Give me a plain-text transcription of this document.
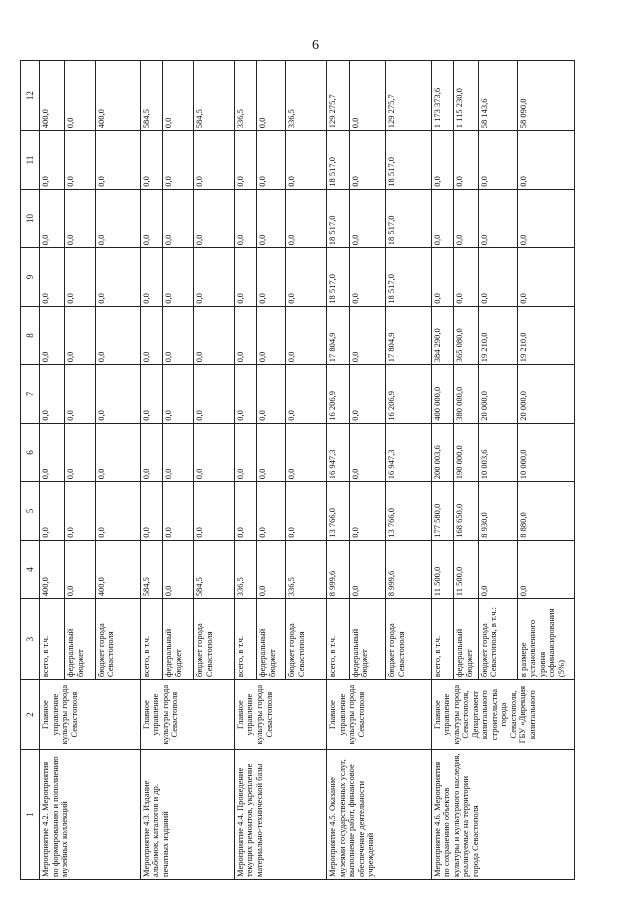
6
1	2	3	4	5	6	7	8	9	10	11	12
Мероприятие 4.2. Мероприятия по формированию и пополнению музейных коллекций	Главное управление культуры города Севастополя	всего, в т.ч.	400,0	0,0	0,0	0,0	0,0	0,0	0,0	0,0	400,0
		федеральный бюджет	0,0	0,0	0,0	0,0	0,0	0,0	0,0	0,0	0,0
		бюджет города Севастополя	400,0	0,0	0,0	0,0	0,0	0,0	0,0	0,0	400,0
Мероприятие 4.3. Издание альбомов, каталогов и др. печатных изданий	Главное управление культуры города Севастополя	всего, в т.ч.	584,5	0,0	0,0	0,0	0,0	0,0	0,0	0,0	584,5
		федеральный бюджет	0,0	0,0	0,0	0,0	0,0	0,0	0,0	0,0	0,0
		бюджет города Севастополя	584,5	0,0	0,0	0,0	0,0	0,0	0,0	0,0	584,5
Мероприятие 4.4. Проведение текущих ремонтов, укрепление материально-технической базы	Главное управление культуры города Севастополя	всего, в т.ч.	336,5	0,0	0,0	0,0	0,0	0,0	0,0	0,0	336,5
		федеральный бюджет	0,0	0,0	0,0	0,0	0,0	0,0	0,0	0,0	0,0
		бюджет города Севастополя	336,5	0,0	0,0	0,0	0,0	0,0	0,0	0,0	336,5
Мероприятие 4.5. Оказание музеями государственных услуг, выполнение работ, финансовое обеспечение деятельности учреждений	Главное управление культуры города Севастополя	всего, в т.ч.	8 999,6	13 766,0	16 947,3	16 206,9	17 804,9	18 517,0	18 517,0	18 517,0	129 275,7
		федеральный бюджет	0,0	0,0	0,0	0,0	0,0	0,0	0,0	0,0	0,0
		бюджет города Севастополя	8 999,6	13 766,0	16 947,3	16 206,9	17 804,9	18 517,0	18 517,0	18 517,0	129 275,7
Мероприятие 4.6. Мероприятия по сохранению объектов культуры и культурного наследия, реализуемые на территории города Севастополя	Главное управление культуры города Севастополя, Департамент капитального строительства города Севастополя, ГБУ «Дирекция капитального	всего, в т.ч.	11 500,0	177 580,0	200 003,6	400 000,0	384 290,0	0,0	0,0	0,0	1 173 373,6
		федеральный бюджет	11 500,0	168 650,0	190 000,0	380 000,0	365 080,0	0,0	0,0	0,0	1 115 230,0
		бюджет города Севастополя, в т.ч.:	0,0	8 930,0	10 003,6	20 000,0	19 210,0	0,0	0,0	0,0	58 143,6
		в размере установленного уровня софинансирования (5%)	0,0	8 880,0	10 000,0	20 000,0	19 210,0	0,0	0,0	0,0	58 090,0
